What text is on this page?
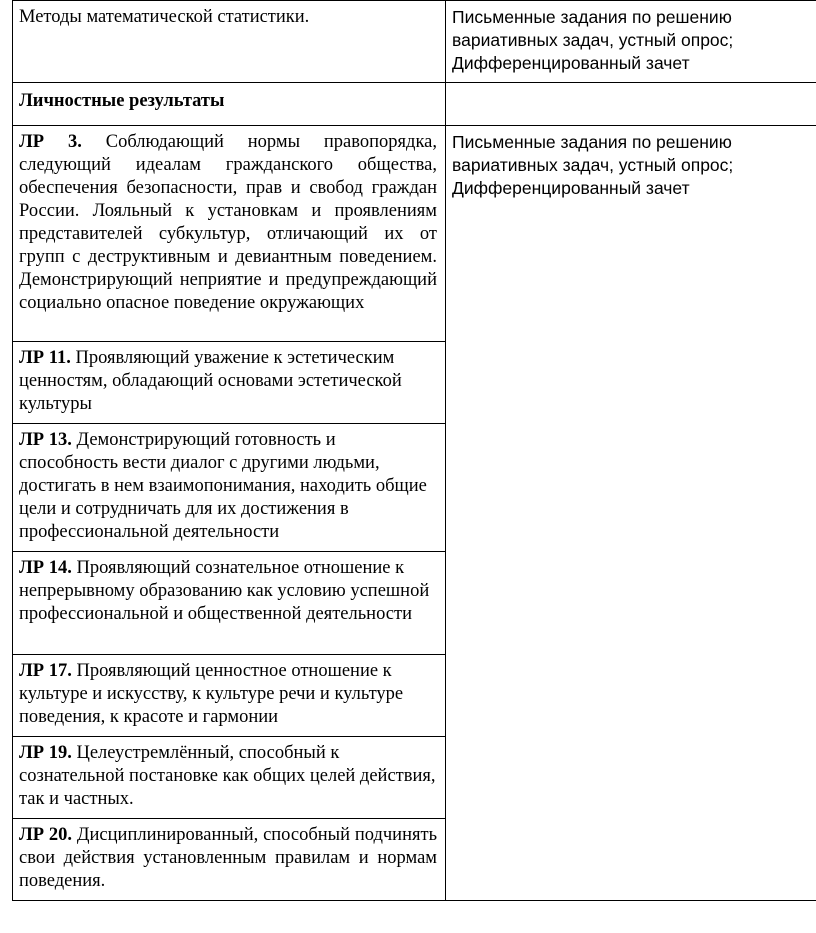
Методы математической статистики.	Письменные задания по решению вариативных задач, устный опрос; Дифференцированный зачет
Личностные результаты	
ЛР 3. Соблюдающий нормы правопорядка, следующий идеалам гражданского общества, обеспечения безопасности, прав и свобод граждан России. Лояльный к установкам и проявлениям представителей субкультур, отличающий их от групп с деструктивным и девиантным поведением. Демонстрирующий неприятие и предупреждающий социально опасное поведение окружающих	Письменные задания по решению вариативных задач, устный опрос; Дифференцированный зачет
ЛР 11. Проявляющий уважение к эстетическим ценностям, обладающий основами эстетической культуры	
ЛР 13. Демонстрирующий готовность и способность вести диалог с другими людьми, достигать в нем взаимопонимания, находить общие цели и сотрудничать для их достижения в профессиональной деятельности	
ЛР 14. Проявляющий сознательное отношение к непрерывному образованию как условию успешной профессиональной и общественной деятельности	
ЛР 17. Проявляющий ценностное отношение к культуре и искусству, к культуре речи и культуре поведения, к красоте и гармонии	
ЛР 19. Целеустремлённый, способный к сознательной постановке как общих целей действия, так и частных.	
ЛР 20. Дисциплинированный, способный подчинять свои действия установленным правилам и нормам поведения.	
